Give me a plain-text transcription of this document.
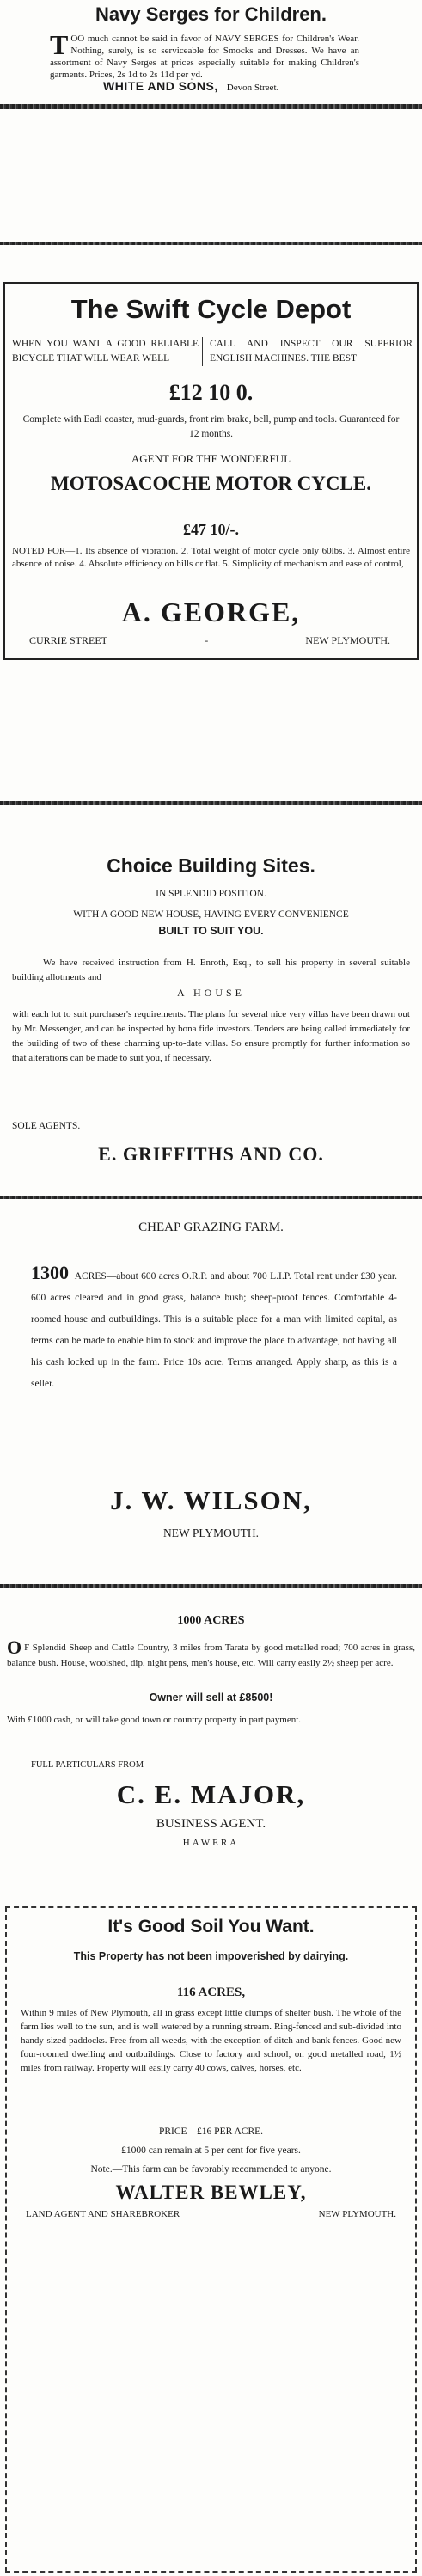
Navy Serges for Children.
T OO much cannot be said in favor of NAVY SERGES for Children's Wear. Nothing, surely, is so serviceable for Smocks and Dresses. We have an assortment of Navy Serges at prices especially suitable for making Children's garments. Prices, 2s 1d to 2s 11d per yd.
WHITE AND SONS, Devon Street.
The Swift Cycle Depot
WHEN YOU WANT A GOOD RELIABLE BICYCLE THAT WILL WEAR WELL
CALL AND INSPECT OUR SUPERIOR ENGLISH MACHINES. THE BEST
£12 10 0.
Complete with Eadi coaster, mud-guards, front rim brake, bell, pump and tools. Guaranteed for 12 months.
AGENT FOR THE WONDERFUL
MOTOSACOCHE MOTOR CYCLE.
£47 10/-.
NOTED FOR—1. Its absence of vibration. 2. Total weight of motor cycle only 60lbs. 3. Almost entire absence of noise. 4. Absolute efficiency on hills or flat. 5. Simplicity of mechanism and ease of control,
A. GEORGE,
CURRIE STREET	-	NEW PLYMOUTH.
Choice Building Sites.
IN SPLENDID POSITION.
WITH A GOOD NEW HOUSE, HAVING EVERY CONVENIENCE
BUILT TO SUIT YOU.
We have received instruction from H. Enroth, Esq., to sell his property in several suitable building allotments and
A HOUSE
with each lot to suit purchaser's requirements. The plans for several nice very villas have been drawn out by Mr. Messenger, and can be inspected by bona fide investors. Tenders are being called immediately for the building of two of these charming up-to-date villas. So ensure promptly for further information so that alterations can be made to suit you, if necessary.
SOLE AGENTS.
E. GRIFFITHS AND CO.
CHEAP GRAZING FARM.
1300 ACRES—about 600 acres O.R.P. and about 700 L.I.P. Total rent under £30 year. 600 acres cleared and in good grass, balance bush; sheep-proof fences. Comfortable 4-roomed house and outbuildings. This is a suitable place for a man with limited capital, as terms can be made to enable him to stock and improve the place to advantage, not having all his cash locked up in the farm. Price 10s acre. Terms arranged. Apply sharp, as this is a seller.
J. W. WILSON,
NEW PLYMOUTH.
1000 ACRES
O F Splendid Sheep and Cattle Country, 3 miles from Tarata by good metalled road; 700 acres in grass, balance bush. House, woolshed, dip, night pens, men's house, etc. Will carry easily 2½ sheep per acre.
Owner will sell at £8500!
With £1000 cash, or will take good town or country property in part payment.
FULL PARTICULARS FROM
C. E. MAJOR,
BUSINESS AGENT.
HAWERA
It's Good Soil You Want.
This Property has not been impoverished by dairying.
116 ACRES,
Within 9 miles of New Plymouth, all in grass except little clumps of shelter bush. The whole of the farm lies well to the sun, and is well watered by a running stream. Ring-fenced and sub-divided into handy-sized paddocks. Free from all weeds, with the exception of ditch and bank fences. Good new four-roomed dwelling and outbuildings. Close to factory and school, on good metalled road, 1½ miles from railway. Property will easily carry 40 cows, calves, horses, etc.
PRICE—£16 PER ACRE.
£1000 can remain at 5 per cent for five years.
Note.—This farm can be favorably recommended to anyone.
WALTER BEWLEY,
LAND AGENT AND SHAREBROKER	NEW PLYMOUTH.
